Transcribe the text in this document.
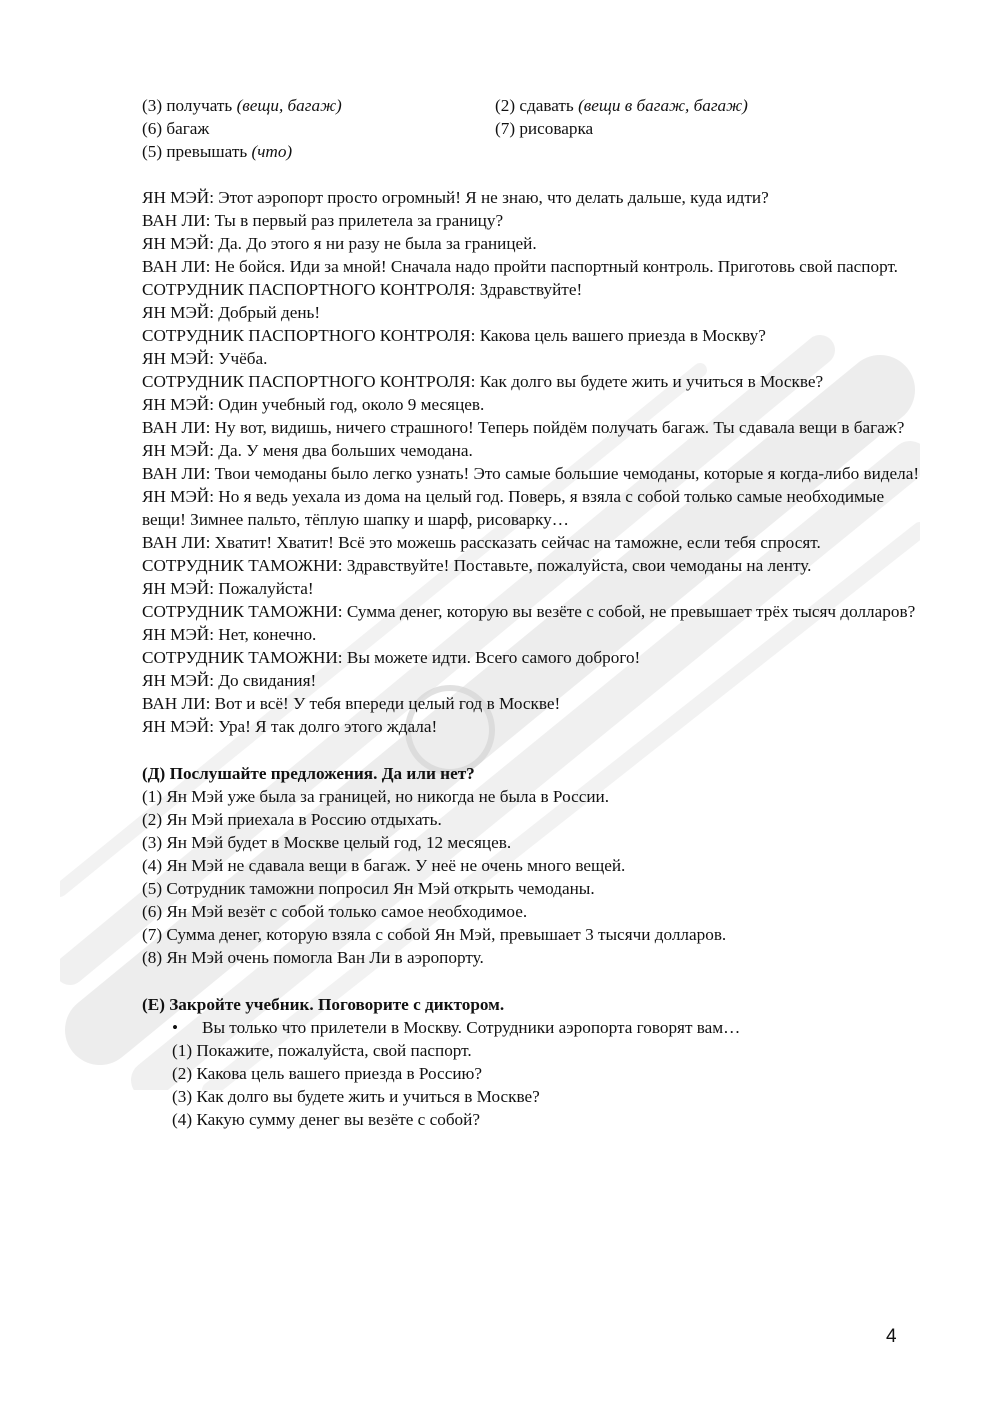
(3) получать (вещи, багаж)	(2) сдавать (вещи в багаж, багаж)
(6) багаж	(7) рисоварка
(5) превышать (что)
ЯН МЭЙ: Этот аэропорт просто огромный! Я не знаю, что делать дальше, куда идти?
ВАН ЛИ: Ты в первый раз прилетела за границу?
ЯН МЭЙ: Да. До этого я ни разу не была за границей.
ВАН ЛИ: Не бойся. Иди за мной! Сначала надо пройти паспортный контроль. Приготовь свой паспорт.
СОТРУДНИК ПАСПОРТНОГО КОНТРОЛЯ: Здравствуйте!
ЯН МЭЙ: Добрый день!
СОТРУДНИК ПАСПОРТНОГО КОНТРОЛЯ: Какова цель вашего приезда в Москву?
ЯН МЭЙ: Учёба.
СОТРУДНИК ПАСПОРТНОГО КОНТРОЛЯ: Как долго вы будете жить и учиться в Москве?
ЯН МЭЙ: Один учебный год, около 9 месяцев.
ВАН ЛИ: Ну вот, видишь, ничего страшного! Теперь пойдём получать багаж. Ты сдавала вещи в багаж?
ЯН МЭЙ: Да. У меня два больших чемодана.
ВАН ЛИ: Твои чемоданы было легко узнать! Это самые большие чемоданы, которые я когда-либо видела!
ЯН МЭЙ: Но я ведь уехала из дома на целый год. Поверь, я взяла с собой только самые необходимые вещи! Зимнее пальто, тёплую шапку и шарф, рисоварку…
ВАН ЛИ: Хватит! Хватит! Всё это можешь рассказать сейчас на таможне, если тебя спросят.
СОТРУДНИК ТАМОЖНИ: Здравствуйте! Поставьте, пожалуйста, свои чемоданы на ленту.
ЯН МЭЙ: Пожалуйста!
СОТРУДНИК ТАМОЖНИ: Сумма денег, которую вы везёте с собой, не превышает трёх тысяч долларов?
ЯН МЭЙ: Нет, конечно.
СОТРУДНИК ТАМОЖНИ: Вы можете идти. Всего самого доброго!
ЯН МЭЙ: До свидания!
ВАН ЛИ: Вот и всё! У тебя впереди целый год в Москве!
ЯН МЭЙ: Ура! Я так долго этого ждала!
(Д) Послушайте предложения. Да или нет?
(1) Ян Мэй уже была за границей, но никогда не была в России.
(2) Ян Мэй приехала в Россию отдыхать.
(3) Ян Мэй будет в Москве целый год, 12 месяцев.
(4) Ян Мэй не сдавала вещи в багаж. У неё не очень много вещей.
(5) Сотрудник таможни попросил Ян Мэй открыть чемоданы.
(6) Ян Мэй везёт с собой только самое необходимое.
(7) Сумма денег, которую взяла с собой Ян Мэй, превышает 3 тысячи долларов.
(8) Ян Мэй очень помогла Ван Ли в аэропорту.
(Е) Закройте учебник. Поговорите с диктором.
• Вы только что прилетели в Москву. Сотрудники аэропорта говорят вам…
(1) Покажите, пожалуйста, свой паспорт.
(2) Какова цель вашего приезда в Россию?
(3) Как долго вы будете жить и учиться в Москве?
(4) Какую сумму денег вы везёте с собой?
4
